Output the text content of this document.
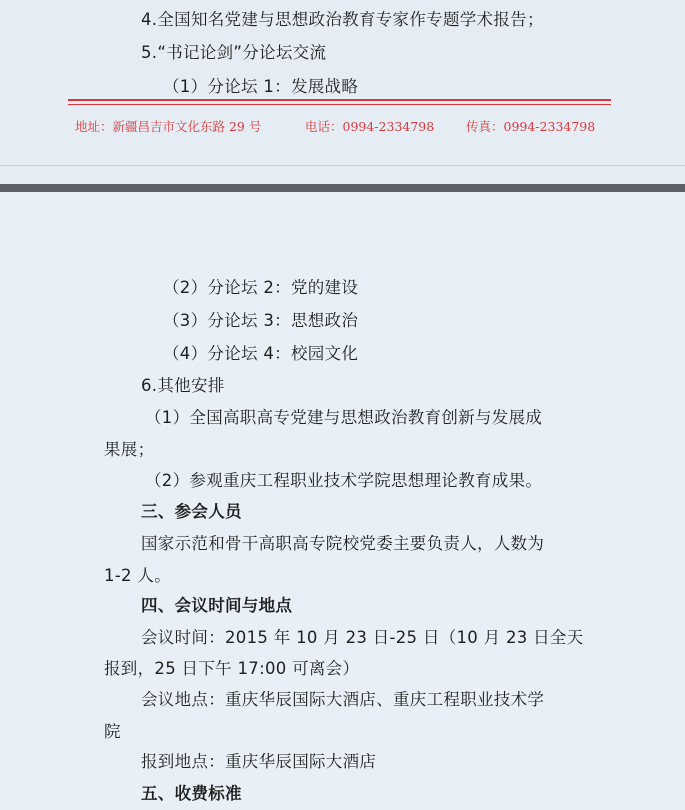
4.全国知名党建与思想政治教育专家作专题学术报告；
5.“书记论剑”分论坛交流
（1）分论坛 1：发展战略
地址：新疆昌吉市文化东路 29 号	电话：0994-2334798	传真：0994-2334798
（2）分论坛 2：党的建设
（3）分论坛 3：思想政治
（4）分论坛 4：校园文化
6.其他安排
（1）全国高职高专党建与思想政治教育创新与发展成
果展；
（2）参观重庆工程职业技术学院思想理论教育成果。
三、参会人员
国家示范和骨干高职高专院校党委主要负责人，人数为
1-2 人。
四、会议时间与地点
会议时间：2015 年 10 月 23 日-25 日（10 月 23 日全天
报到，25 日下午 17:00 可离会）
会议地点：重庆华辰国际大酒店、重庆工程职业技术学
院
报到地点：重庆华辰国际大酒店
五、收费标准
